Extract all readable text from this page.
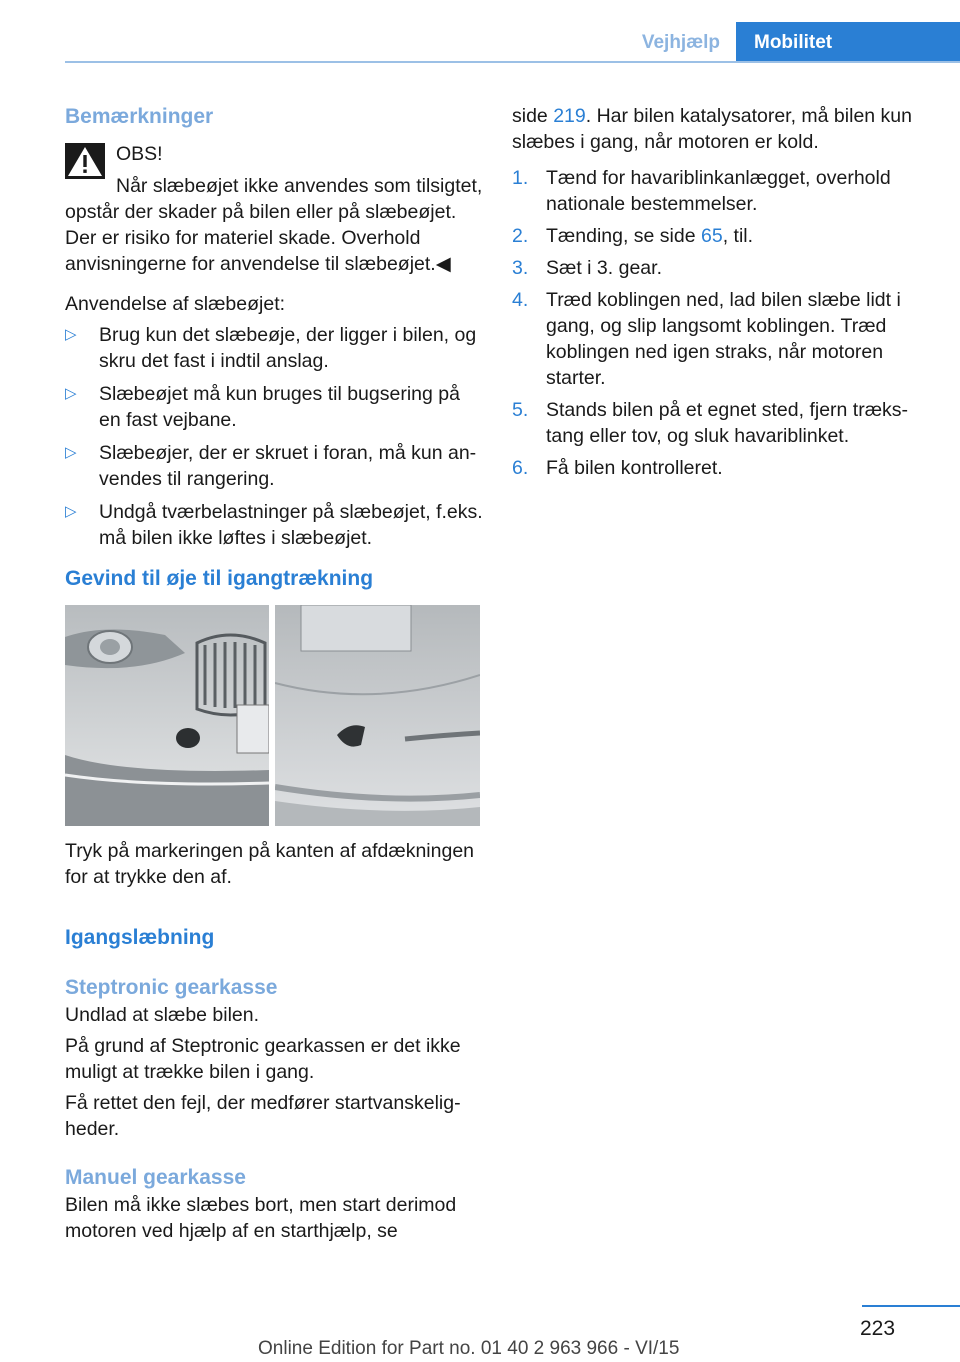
Vejhjælp	Mobilitet
Bemærkninger

OBS!

Når slæbeøjet ikke anvendes som tilsigtet, opstår der skader på bilen eller på slæbeøjet. Der er risiko for materiel skade. Overhold anvisningerne for anvendelse til slæbeøjet.◀

Anvendelse af slæbeøjet:

▷ Brug kun det slæbeøje, der ligger i bilen, og skru det fast i indtil anslag.
▷ Slæbeøjet må kun bruges til bugsering på en fast vejbane.
▷ Slæbeøjer, der er skruet i foran, må kun anvendes til rangering.
▷ Undgå tværbelastninger på slæbeøjet, f.eks. må bilen ikke løftes i slæbeøjet.
Gevind til øje til igangtrækning

Tryk på markeringen på kanten af afdækningen for at trykke den af.

Igangslæbning
Steptronic gearkasse

Undlad at slæbe bilen.

På grund af Steptronic gearkassen er det ikke muligt at trække bilen i gang.

Få rettet den fejl, der medfører startvanskeligheder.

Manuel gearkasse

Bilen må ikke slæbes bort, men start derimod motoren ved hjælp af en starthjælp, se

side 219. Har bilen katalysatorer, må bilen kun slæbes i gang, når motoren er kold.

1. Tænd for havariblinkanlægget, overhold nationale bestemmelser.
2. Tænding, se side 65, til.
3. Sæt i 3. gear.
4. Træd koblingen ned, lad bilen slæbe lidt i gang, og slip langsomt koblingen. Træd koblingen ned igen straks, når motoren starter.
5. Stands bilen på et egnet sted, fjern trækstang eller tov, og sluk havariblinket.
6. Få bilen kontrolleret.
223
Online Edition for Part no. 01 40 2 963 966 - VI/15
